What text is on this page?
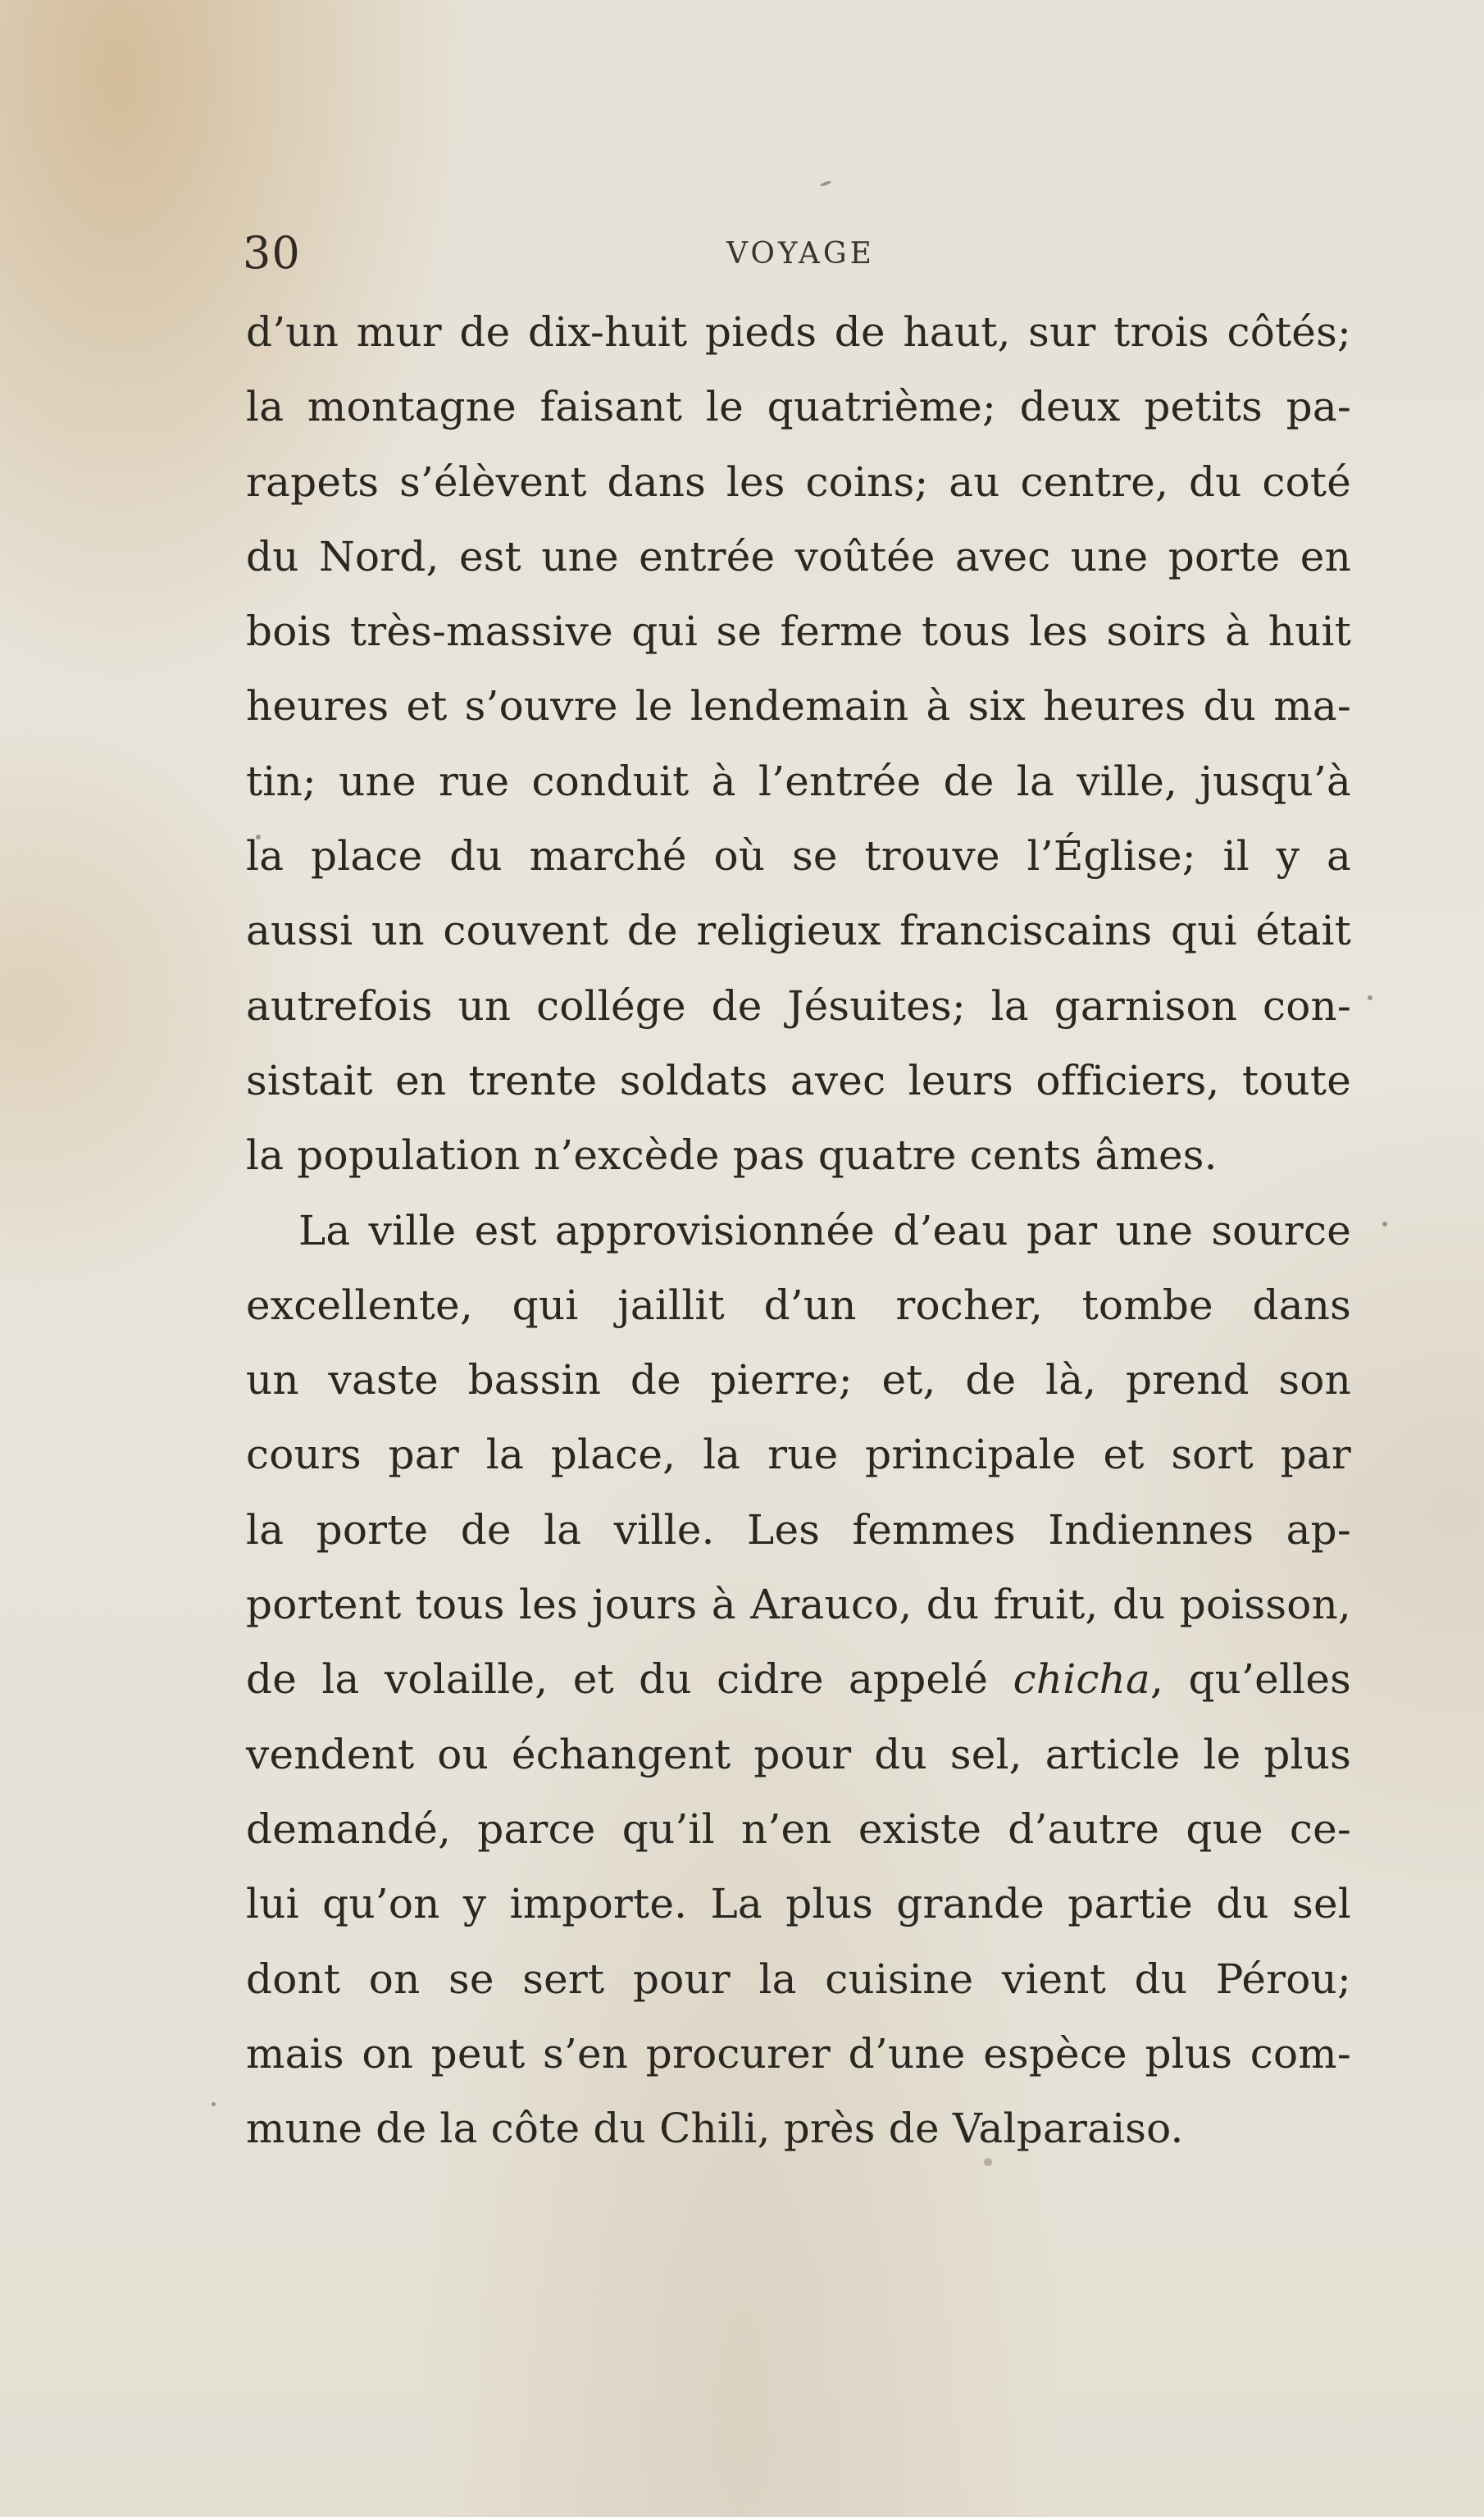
30	VOYAGE
d’un mur de dix-huit pieds de haut, sur trois côtés;
la montagne faisant le quatrième; deux petits pa-
rapets s’élèvent dans les coins; au centre, du coté
du Nord, est une entrée voûtée avec une porte en
bois très-massive qui se ferme tous les soirs à huit
heures et s’ouvre le lendemain à six heures du ma-
tin; une rue conduit à l’entrée de la ville, jusqu’à
la place du marché où se trouve l’Église; il y a
aussi un couvent de religieux franciscains qui était
autrefois un collége de Jésuites; la garnison con-
sistait en trente soldats avec leurs officiers, toute
la population n’excède pas quatre cents âmes.
La ville est approvisionnée d’eau par une source
excellente, qui jaillit d’un rocher, tombe dans
un vaste bassin de pierre; et, de là, prend son
cours par la place, la rue principale et sort par
la porte de la ville. Les femmes Indiennes ap-
portent tous les jours à Arauco, du fruit, du poisson,
de la volaille, et du cidre appelé chicha, qu’elles
vendent ou échangent pour du sel, article le plus
demandé, parce qu’il n’en existe d’autre que ce-
lui qu’on y importe. La plus grande partie du sel
dont on se sert pour la cuisine vient du Pérou;
mais on peut s’en procurer d’une espèce plus com-
mune de la côte du Chili, près de Valparaiso.
